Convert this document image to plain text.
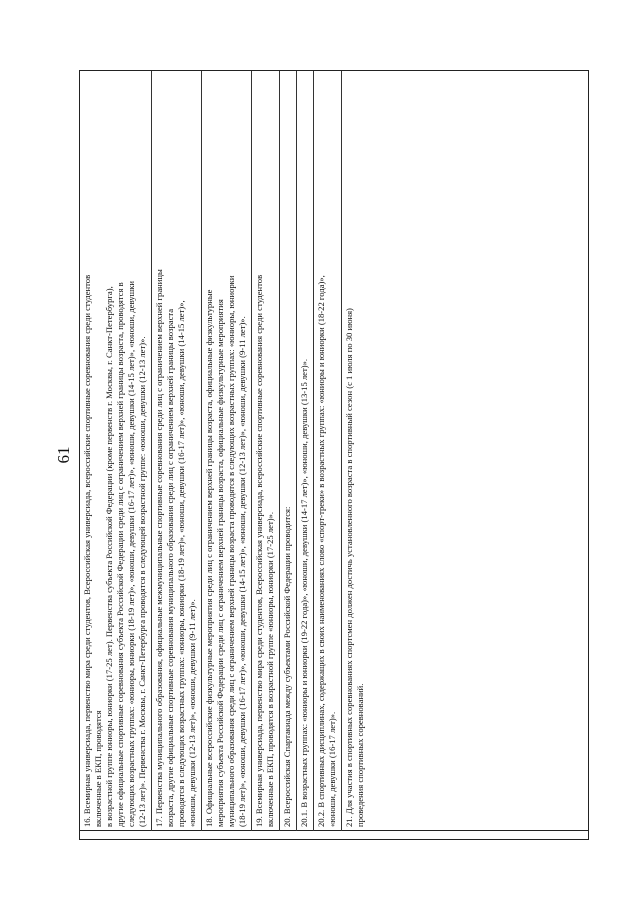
61	16. Всемирная универсиада, первенство мира среди студентов, Всероссийская универсиада, всероссийские спортивные соревнования среди студентов включенные в ЕКП, проводятся в возрастной группе юниоры, юниорки (17-25 лет). Первенства субъекта Российской Федерации (кроме первенств г. Москвы, г. Санкт-Петербурга), другие официальные спортивные соревнования субъекта Российской Федерации среди лиц с ограничением верхней границы возраста, проводятся в следующих возрастных группах: «юниоры, юниорки (18-19 лет)», «юноши, девушки (16-17 лет)», «юноши, девушки (14-15 лет)», «юноши, девушки (12-13 лет)». Первенства г. Москвы, г. Санкт-Петербурга проводятся в следующей возрастной группе: «юноши, девушки (12-13 лет)». 17. Первенства муниципального образования, официальные межмуниципальные спортивные соревнования среди лиц с ограничением верхней границы возраста, другие официальные спортивные соревнования муниципального образования среди лиц с ограничением верхней границы возраста проводятся в следующих возрастных группах: «юниоры, юниорки (18-19 лет)», «юноши, девушки (16-17 лет)», «юноши, девушки (14-15 лет)», «юноши, девушки (12-13 лет)», «юноши, девушки (9-11 лет)». 18. Официальные всероссийские физкультурные мероприятия среди лиц с ограничением верхней границы возраста, официальные физкультурные мероприятия субъекта Российской Федерации среди лиц с ограничением верхней границы возраста, официальные физкультурные мероприятия муниципального образования среди лиц с ограничением верхней границы возраста проводятся в следующих возрастных группах: «юниоры, юниорки (18-19 лет)», «юноши, девушки (16-17 лет)», «юноши, девушки (14-15 лет)», «юноши, девушки (12-13 лет)», «юноши, девушки (9-11 лет)». 19. Всемирная универсиада, первенство мира среди студентов, Всероссийская универсиада, всероссийские спортивные соревнования среди студентов включенные в ЕКП, проводятся в возрастной группе «юниоры, юниорки (17-25 лет)». 20. Всероссийская Спартакиада между субъектами Российской Федерации проводится: 20.1. В возрастных группах: «юниоры и юниорки (19-22 года)», «юноши, девушки (14-17 лет)», «юноши, девушки (13-15 лет)». 20.2. В спортивных дисциплинах, содержащих в своих наименованиях слово «спорт-треки» в возрастных группах: «юниоры и юниорки (18-22 года)», «юноши, девушки (16-17 лет)». 21. Для участия в спортивных соревнованиях спортсмен должен достичь установленного возраста в спортивный сезон (с 1 июля по 30 июня) проведения спортивных соревнований.
